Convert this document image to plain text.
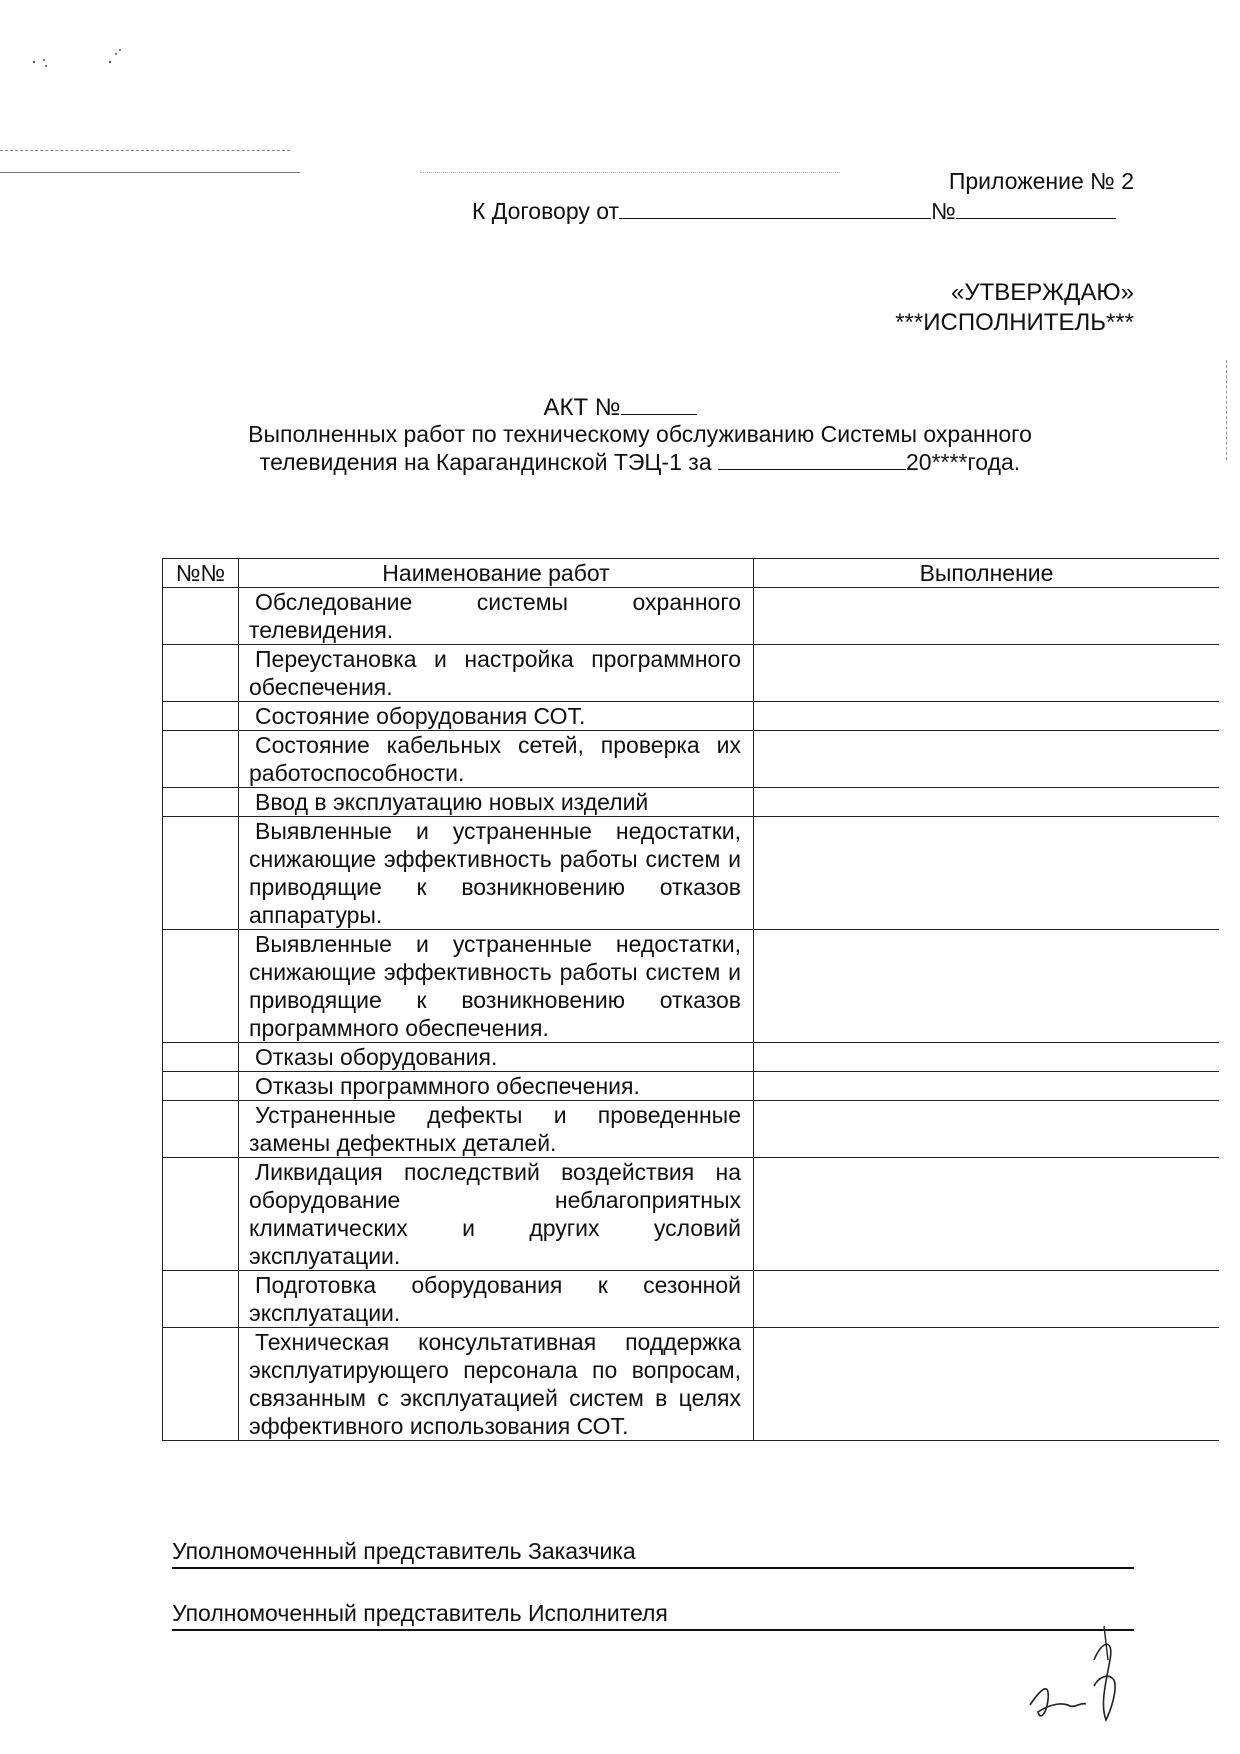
Приложение № 2
К Договору от	№
«УТВЕРЖДАЮ»
***ИСПОЛНИТЕЛЬ***
АКТ №
Выполненных работ по техническому обслуживанию Системы охранного
телевидения на Карагандинской ТЭЦ-1 за	20****года.
№№	Наименование работ	Выполнение

	Обследование системы охранного телевидения.	

	Переустановка и настройка программного обеспечения.	

	Состояние оборудования СОТ.	

	Состояние кабельных сетей, проверка их работоспособности.	

	Ввод в эксплуатацию новых изделий	

	Выявленные и устраненные недостатки, снижающие эффективность работы систем и приводящие к возникновению отказов аппаратуры.	

	Выявленные и устраненные недостатки, снижающие эффективность работы систем и приводящие к возникновению отказов программного обеспечения.	

	Отказы оборудования.	

	Отказы программного обеспечения.	

	Устраненные дефекты и проведенные замены дефектных деталей.	

	Ликвидация последствий воздействия на оборудование неблагоприятных климатических и других условий эксплуатации.	

	Подготовка оборудования к сезонной эксплуатации.	

	Техническая консультативная поддержка эксплуатирующего персонала по вопросам, связанным с эксплуатацией систем в целях эффективного использования СОТ.	

Уполномоченный представитель Заказчика
Уполномоченный представитель Исполнителя
